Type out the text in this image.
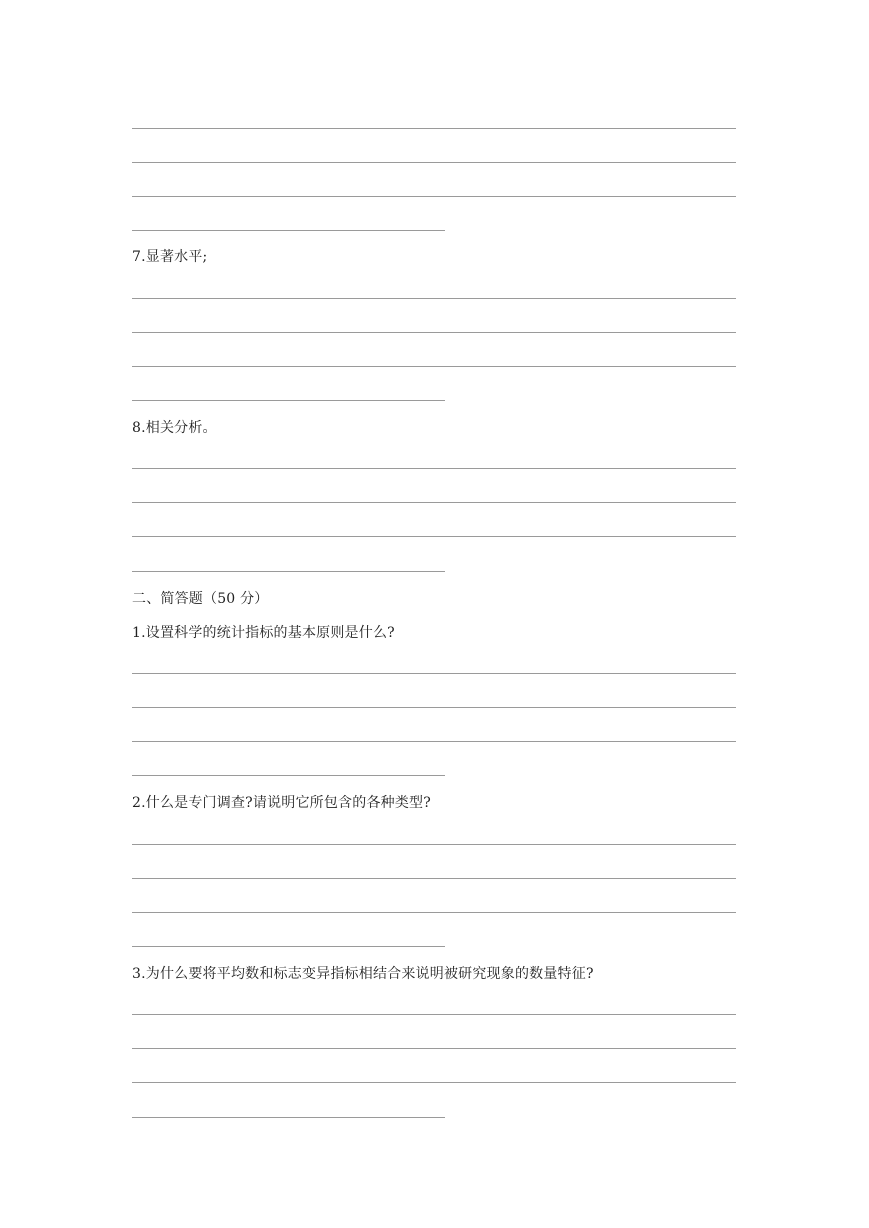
7.显著水平;
8.相关分析。
二、简答题（50 分）
1.设置科学的统计指标的基本原则是什么?
2.什么是专门调查?请说明它所包含的各种类型?
3.为什么要将平均数和标志变异指标相结合来说明被研究现象的数量特征?
